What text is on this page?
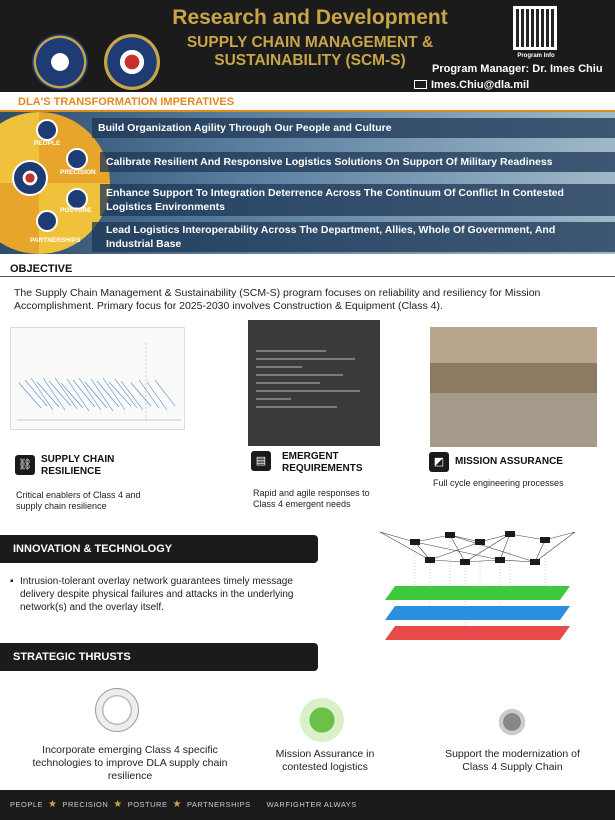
Research and Development
SUPPLY CHAIN MANAGEMENT &
SUSTAINABILITY (SCM-S)	Program Info
Program Manager: Dr. Imes Chiu
Imes.Chiu@dla.mil
DLA'S TRANSFORMATION IMPERATIVES
PEOPLE
PRECISION
POSTURE
PARTNERSHIPS
Build Organization Agility Through Our People and Culture
Calibrate Resilient And Responsive Logistics Solutions On Support Of Military Readiness
Enhance Support To Integration Deterrence Across The Continuum Of Conflict In Contested
Logistics Environments
Lead Logistics Interoperability Across The Department, Allies, Whole Of Government, And
Industrial Base
OBJECTIVE
The Supply Chain Management & Sustainability (SCM-S) program focuses on reliability and resiliency for Mission Accomplishment. Primary focus for 2025-2030 involves Construction & Equipment (Class 4).
⛓ SUPPLY CHAIN
RESILIENCE
Critical enablers of Class 4 and
supply chain resilience
▤	EMERGENT
REQUIREMENTS
Rapid and agile responses to
Class 4 emergent needs
◩	MISSION ASSURANCE
Full cycle engineering processes
INNOVATION & TECHNOLOGY
▪ Intrusion-tolerant overlay network guarantees timely message delivery despite physical failures and attacks in the underlying network(s) and the overlay itself.
STRATEGIC THRUSTS
Incorporate emerging Class 4 specific
technologies to improve DLA supply chain
resilience
Mission Assurance in
contested logistics
Support the modernization of
Class 4 Supply Chain
PEOPLE ★ PRECISION ★ POSTURE ★ PARTNERSHIPS WARFIGHTER ALWAYS
